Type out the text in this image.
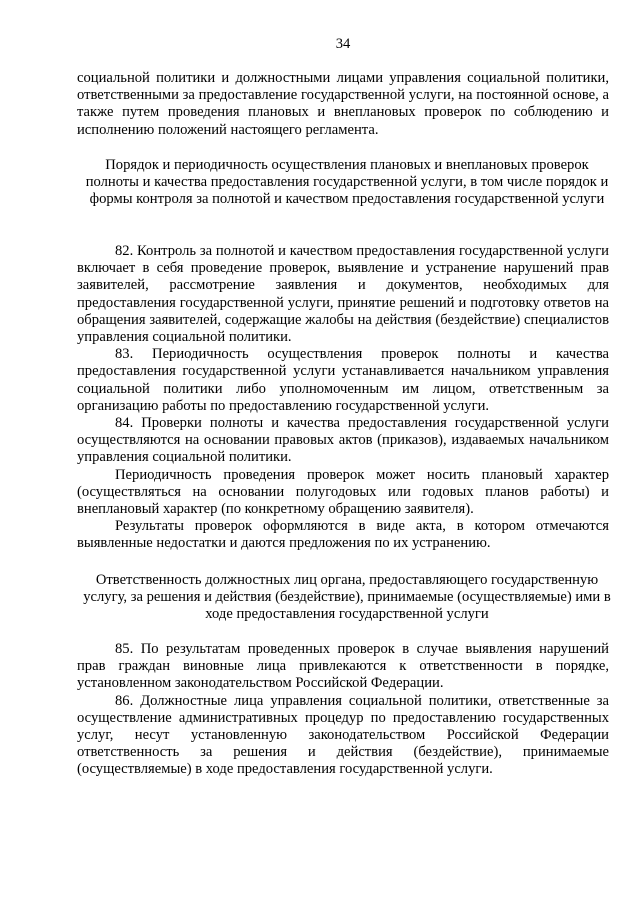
34

социальной политики и должностными лицами управления социальной политики, ответственными за предоставление государственной услуги, на постоянной основе, а также путем проведения плановых и внеплановых проверок по соблюдению и исполнению положений настоящего регламента.

Порядок и периодичность осуществления плановых и внеплановых проверок полноты и качества предоставления государственной услуги, в том числе порядок и формы контроля за полнотой и качеством предоставления государственной услуги

82. Контроль за полнотой и качеством предоставления государственной услуги включает в себя проведение проверок, выявление и устранение нарушений прав заявителей, рассмотрение заявления и документов, необходимых для предоставления государственной услуги, принятие решений и подготовку ответов на обращения заявителей, содержащие жалобы на действия (бездействие) специалистов управления социальной политики.

83. Периодичность осуществления проверок полноты и качества предоставления государственной услуги устанавливается начальником управления социальной политики либо уполномоченным им лицом, ответственным за организацию работы по предоставлению государственной услуги.

84. Проверки полноты и качества предоставления государственной услуги осуществляются на основании правовых актов (приказов), издаваемых начальником управления социальной политики.

Периодичность проведения проверок может носить плановый характер (осуществляться на основании полугодовых или годовых планов работы) и внеплановый характер (по конкретному обращению заявителя).

Результаты проверок оформляются в виде акта, в котором отмечаются выявленные недостатки и даются предложения по их устранению.

Ответственность должностных лиц органа, предоставляющего государственную услугу, за решения и действия (бездействие), принимаемые (осуществляемые) ими в ходе предоставления государственной услуги

85. По результатам проведенных проверок в случае выявления нарушений прав граждан виновные лица привлекаются к ответственности в порядке, установленном законодательством Российской Федерации.

86. Должностные лица управления социальной политики, ответственные за осуществление административных процедур по предоставлению государственных услуг, несут установленную законодательством Российской Федерации ответственность за решения и действия (бездействие), принимаемые (осуществляемые) в ходе предоставления государственной услуги.
